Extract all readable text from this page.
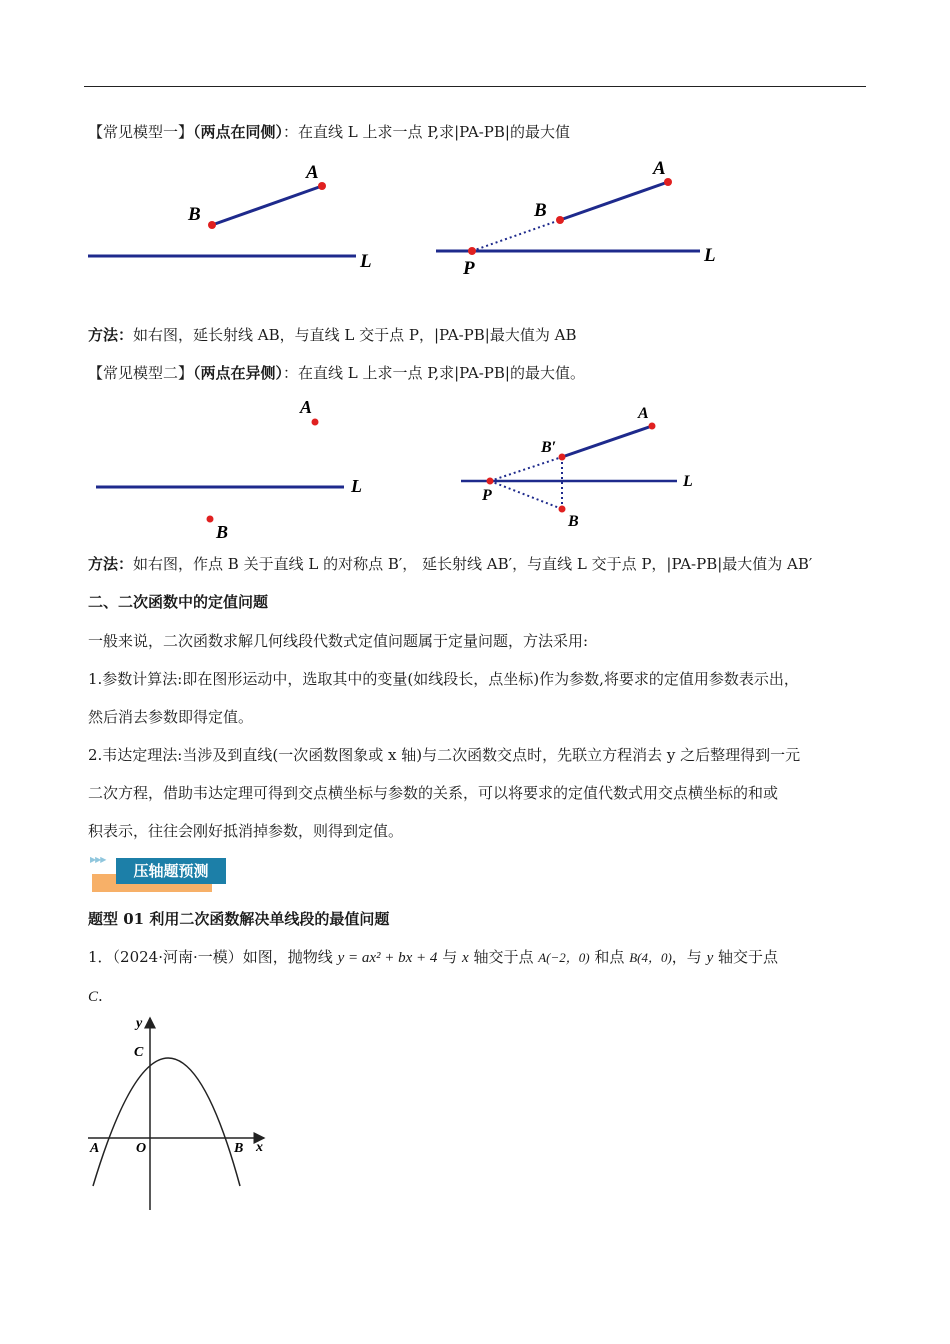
【常见模型一】（两点在同侧）：在直线 L 上求一点 P,求|PA-PB|的最大值
A
B
L
A
B
L
P
方法：如右图，延长射线 AB，与直线 L 交于点 P，|PA-PB|最大值为 AB
【常见模型二】（两点在异侧）：在直线 L 上求一点 P,求|PA-PB|的最大值。
A
B
L
A
B′
B
P
L
方法：如右图，作点 B 关于直线 L 的对称点 B′， 延长射线 AB′，与直线 L 交于点 P，|PA-PB|最大值为 AB′
二、二次函数中的定值问题
一般来说，二次函数求解几何线段代数式定值问题属于定量问题，方法采用:
1.参数计算法:即在图形运动中，选取其中的变量(如线段长，点坐标)作为参数,将要求的定值用参数表示出，
然后消去参数即得定值。
2.韦达定理法:当涉及到直线(一次函数图象或 x 轴)与二次函数交点时，先联立方程消去 y 之后整理得到一元
二次方程，借助韦达定理可得到交点横坐标与参数的关系，可以将要求的定值代数式用交点横坐标的和或
积表示，往往会刚好抵消掉参数，则得到定值。
▶▶▶
压轴题预测
题型 01 利用二次函数解决单线段的最值问题
1．（2024·河南·一模）如图，抛物线 y = ax² + bx + 4 与 x 轴交于点 A(−2，0) 和点 B(4，0)，与 y 轴交于点
C.
y
x
C
A	O	B
